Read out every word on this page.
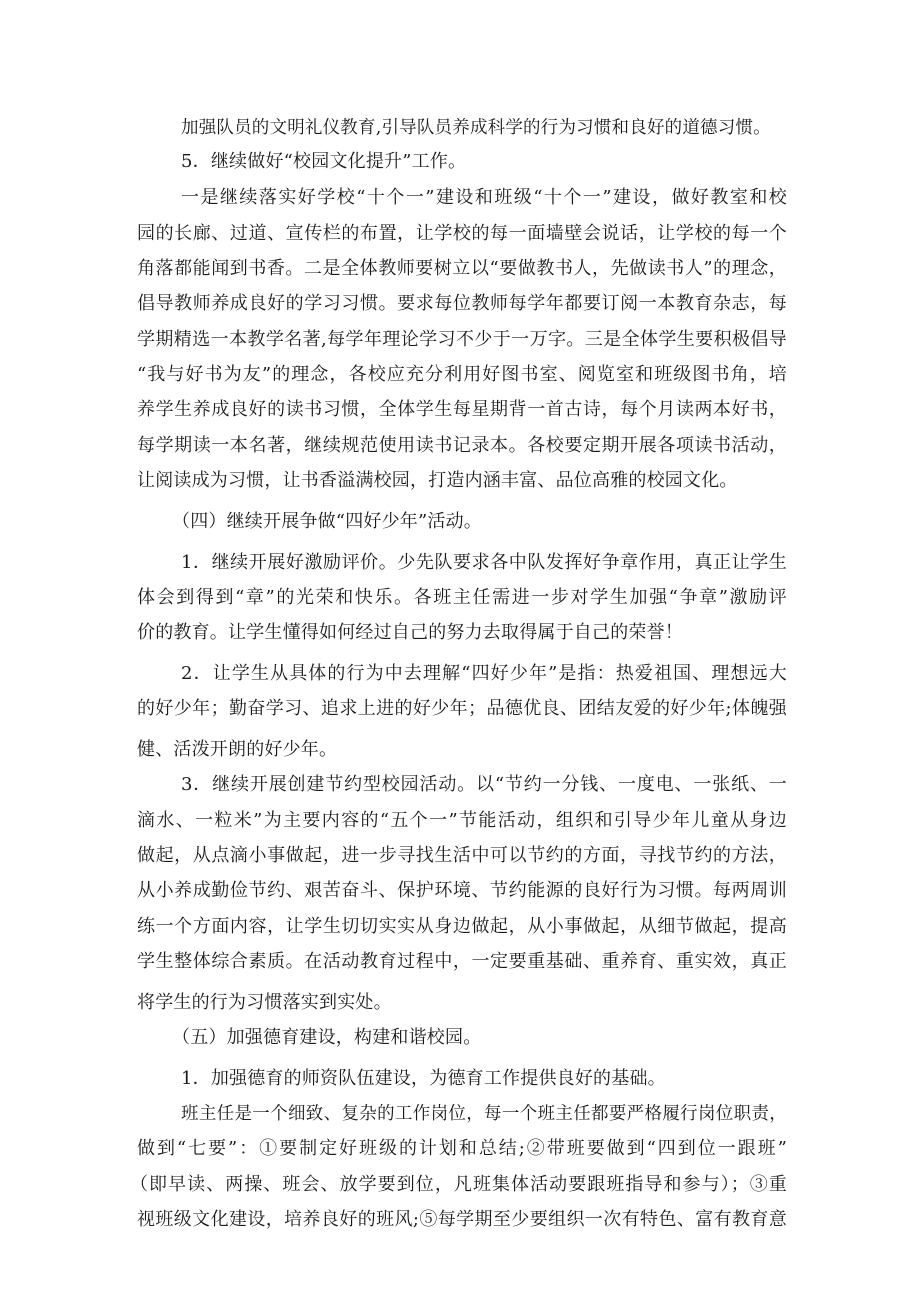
加强队员的文明礼仪教育,引导队员养成科学的行为习惯和良好的道德习惯。
5．继续做好“校园文化提升”工作。
一是继续落实好学校“十个一”建设和班级“十个一”建设，做好教室和校
园的长廊、过道、宣传栏的布置，让学校的每一面墙壁会说话，让学校的每一个
角落都能闻到书香。二是全体教师要树立以“要做教书人，先做读书人”的理念，
倡导教师养成良好的学习习惯。要求每位教师每学年都要订阅一本教育杂志，每
学期精选一本教学名著,每学年理论学习不少于一万字。三是全体学生要积极倡导
“我与好书为友”的理念，各校应充分利用好图书室、阅览室和班级图书角，培
养学生养成良好的读书习惯，全体学生每星期背一首古诗，每个月读两本好书，
每学期读一本名著，继续规范使用读书记录本。各校要定期开展各项读书活动，
让阅读成为习惯，让书香溢满校园，打造内涵丰富、品位高雅的校园文化。
（四）继续开展争做“四好少年”活动。
1．继续开展好激励评价。少先队要求各中队发挥好争章作用，真正让学生
体会到得到“章”的光荣和快乐。各班主任需进一步对学生加强“争章”激励评
价的教育。让学生懂得如何经过自己的努力去取得属于自己的荣誉！
2．让学生从具体的行为中去理解“四好少年”是指：热爱祖国、理想远大
的好少年；勤奋学习、追求上进的好少年；品德优良、团结友爱的好少年;体魄强
健、活泼开朗的好少年。
3．继续开展创建节约型校园活动。以“节约一分钱、一度电、一张纸、一
滴水、一粒米”为主要内容的“五个一”节能活动，组织和引导少年儿童从身边
做起，从点滴小事做起，进一步寻找生活中可以节约的方面，寻找节约的方法，
从小养成勤俭节约、艰苦奋斗、保护环境、节约能源的良好行为习惯。每两周训
练一个方面内容，让学生切切实实从身边做起，从小事做起，从细节做起，提高
学生整体综合素质。在活动教育过程中，一定要重基础、重养育、重实效，真正
将学生的行为习惯落实到实处。
（五）加强德育建设，构建和谐校园。
1．加强德育的师资队伍建设，为德育工作提供良好的基础。
班主任是一个细致、复杂的工作岗位，每一个班主任都要严格履行岗位职责，
做到“七要”：①要制定好班级的计划和总结;②带班要做到“四到位一跟班”
（即早读、两操、班会、放学要到位，凡班集体活动要跟班指导和参与）；③重
视班级文化建设，培养良好的班风;⑤每学期至少要组织一次有特色、富有教育意
